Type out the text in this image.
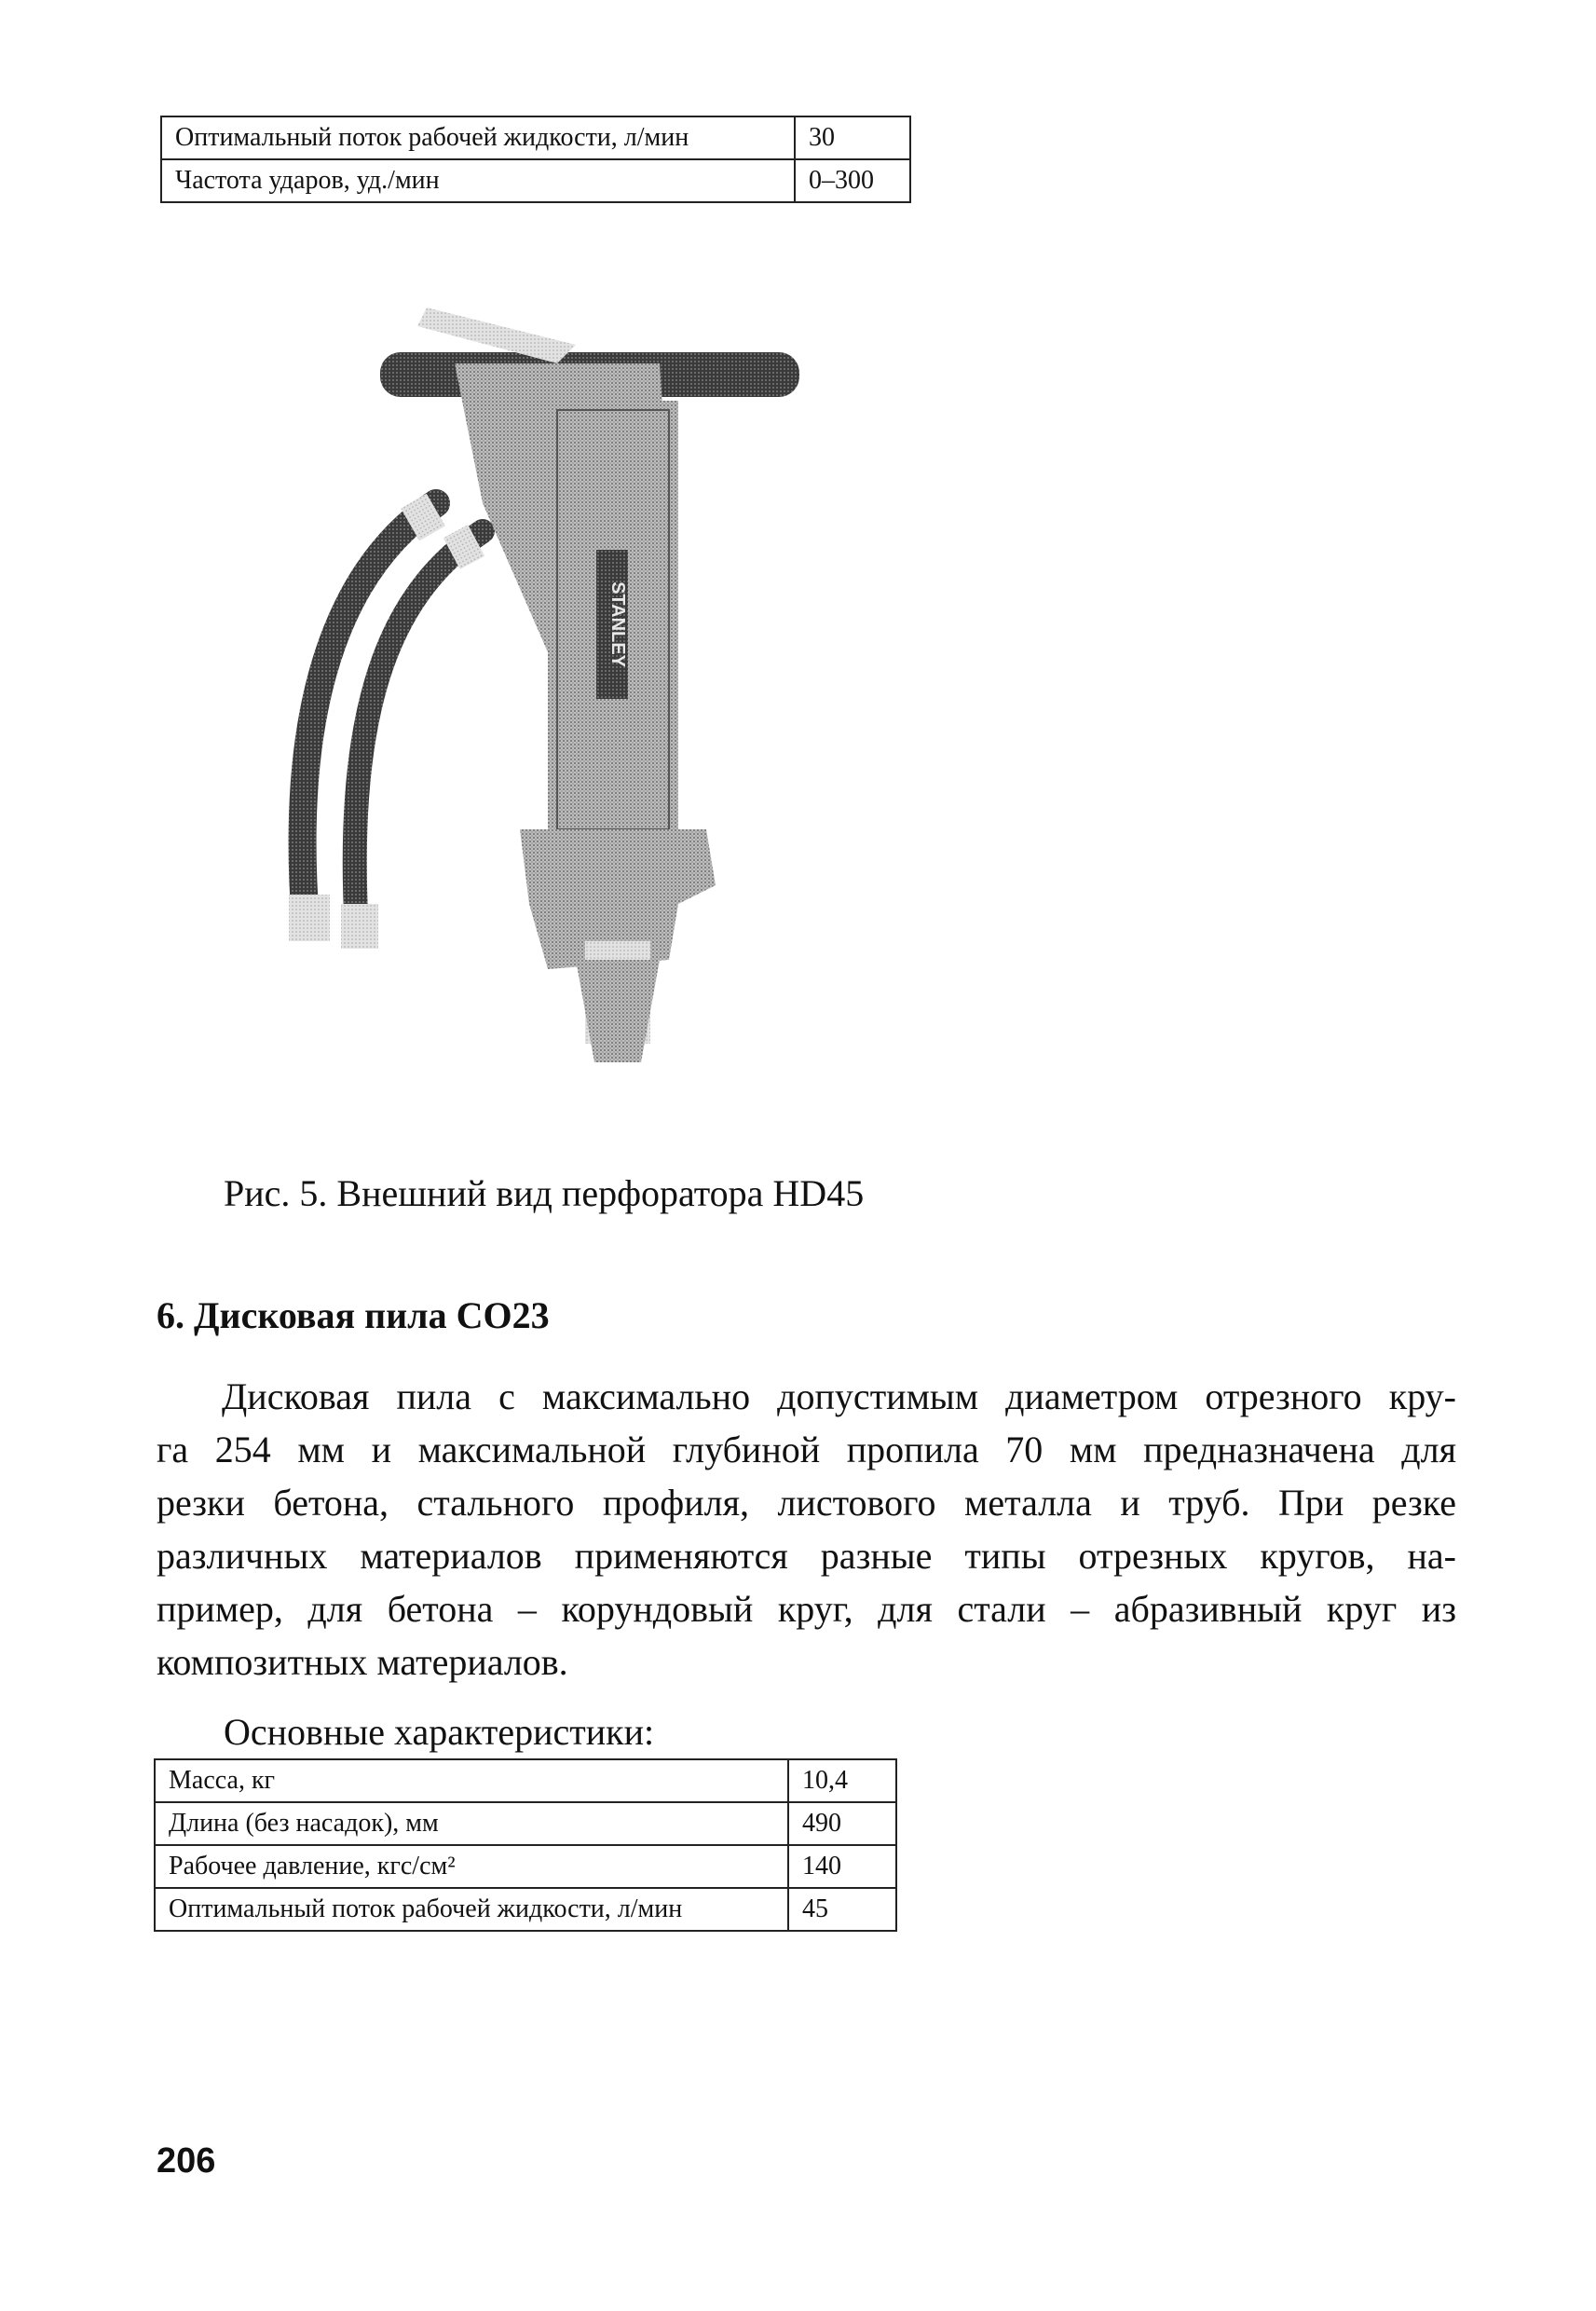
Оптимальный поток рабочей жидкости, л/мин	30
Частота ударов, уд./мин	0–300
STANLEY
Рис. 5. Внешний вид перфоратора HD45
6. Дисковая пила CO23
Дисковая пила с максимально допустимым диаметром отрезного кру-
га 254 мм и максимальной глубиной пропила 70 мм предназначена для
резки бетона, стального профиля, листового металла и труб. При резке
различных материалов применяются разные типы отрезных кругов, на-
пример, для бетона – корундовый круг, для стали – абразивный круг из
композитных материалов.
Основные характеристики:
Масса, кг	10,4
Длина (без насадок), мм	490
Рабочее давление, кгс/см²	140
Оптимальный поток рабочей жидкости, л/мин	45
206
